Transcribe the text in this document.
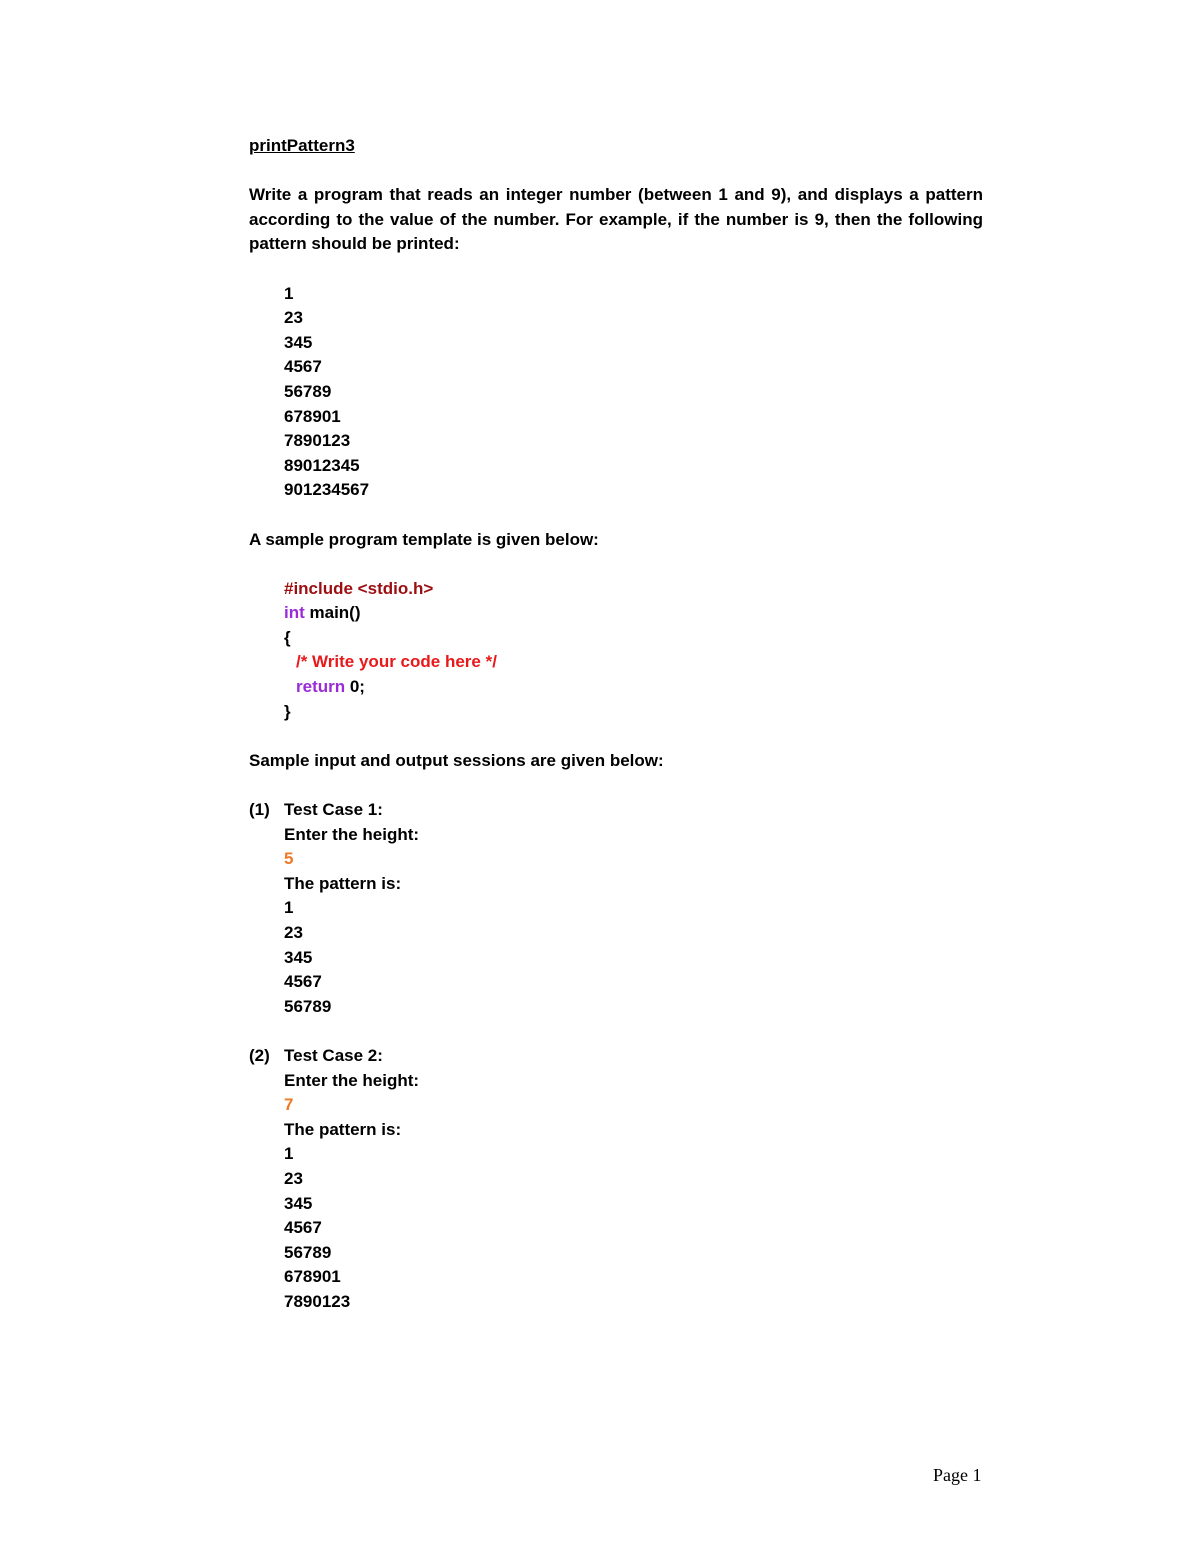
printPattern3

Write a program that reads an integer number (between 1 and 9), and displays a pattern according to the value of the number. For example, if the number is 9, then the following pattern should be printed:

1
23
345
4567
56789
678901
7890123
89012345
901234567

A sample program template is given below:

#include <stdio.h>
int main()
{
/* Write your code here */
return 0;
}

Sample input and output sessions are given below:

(1) Test Case 1:
Enter the height:
5
The pattern is:
1
23
345
4567
56789
(2) Test Case 2:
Enter the height:
7
The pattern is:
1
23
345
4567
56789
678901
7890123
Page 1
